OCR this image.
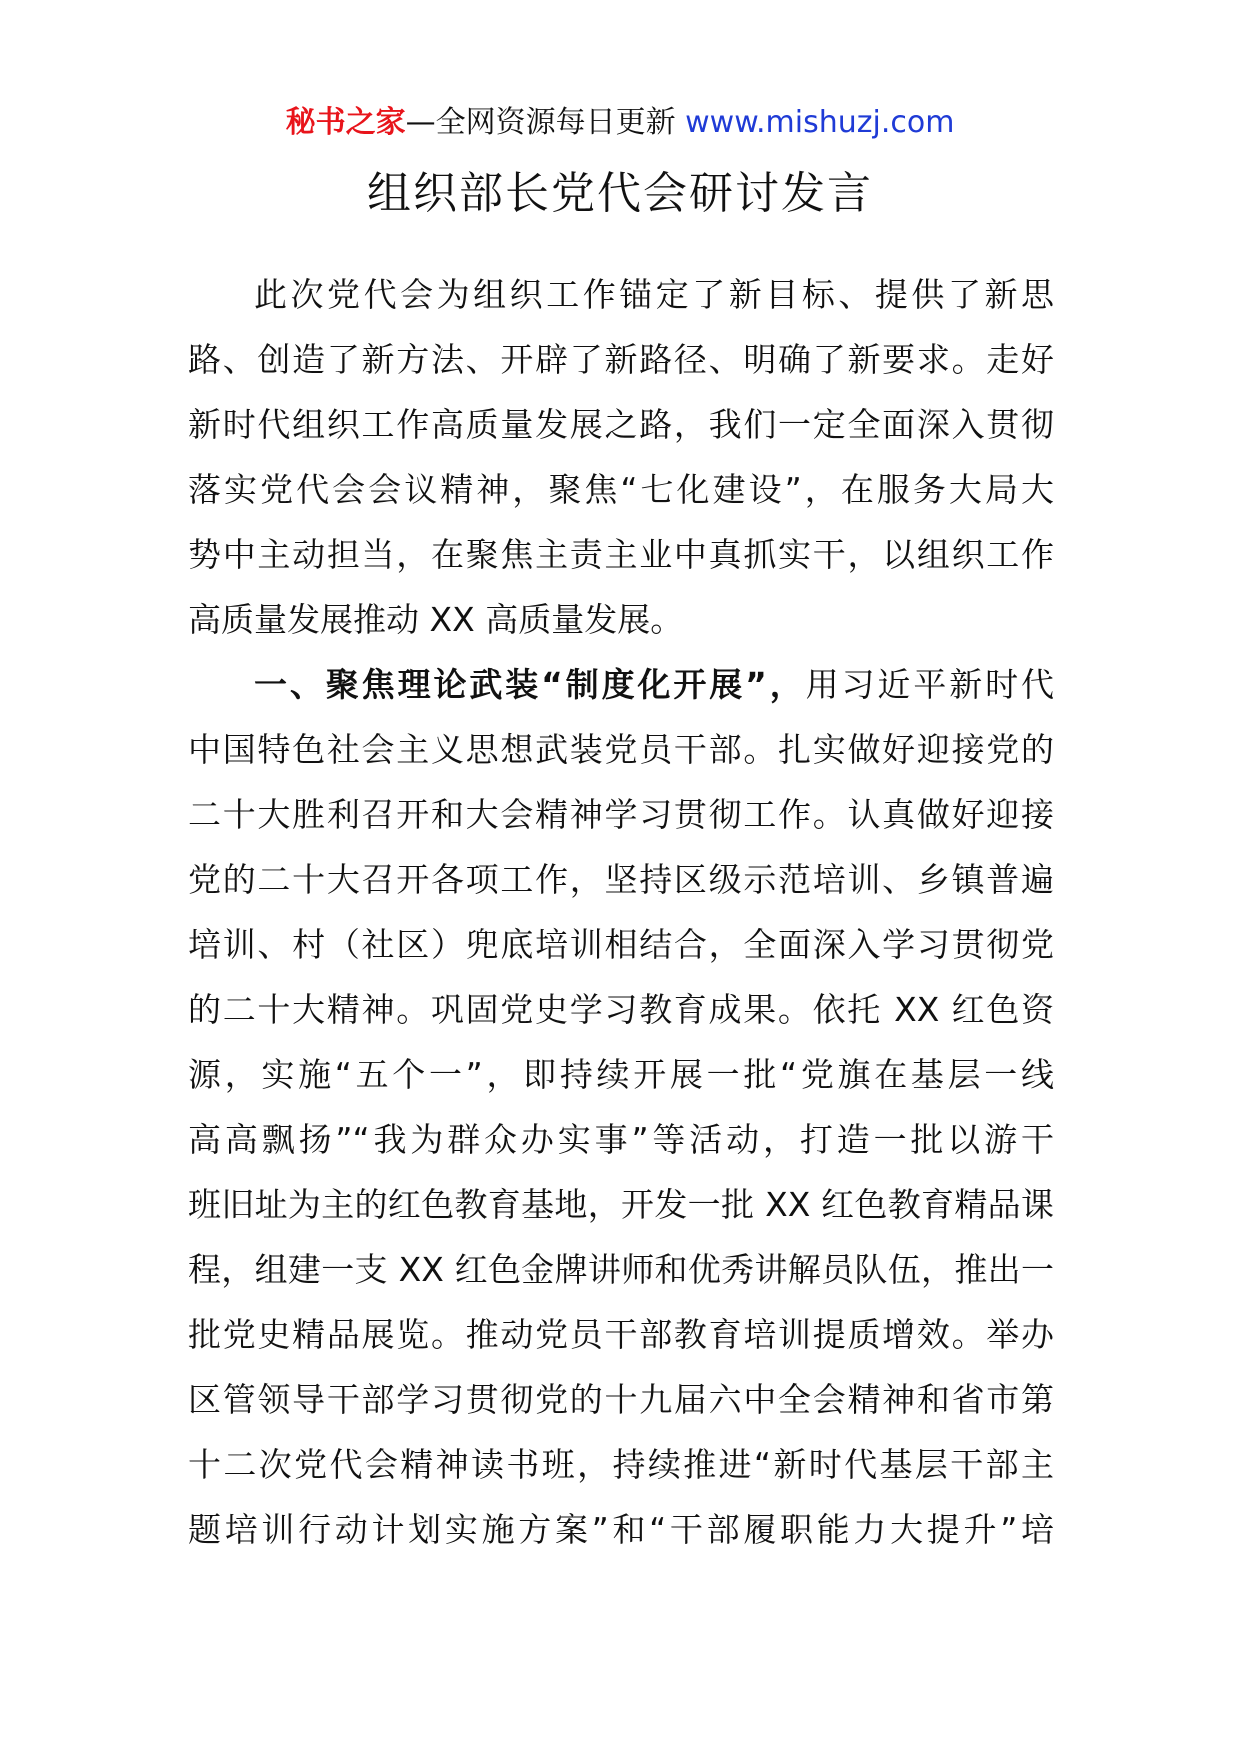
秘书之家—全网资源每日更新 www.mishuzj.com
组织部长党代会研讨发言
此次党代会为组织工作锚定了新目标、提供了新思
路、创造了新方法、开辟了新路径、明确了新要求。走好
新时代组织工作高质量发展之路，我们一定全面深入贯彻
落实党代会会议精神，聚焦“七化建设”，在服务大局大
势中主动担当，在聚焦主责主业中真抓实干，以组织工作
高质量发展推动 XX 高质量发展。
一、聚焦理论武装“制度化开展”，用习近平新时代
中国特色社会主义思想武装党员干部。扎实做好迎接党的
二十大胜利召开和大会精神学习贯彻工作。认真做好迎接
党的二十大召开各项工作，坚持区级示范培训、乡镇普遍
培训、村（社区）兜底培训相结合，全面深入学习贯彻党
的二十大精神。巩固党史学习教育成果。依托 XX 红色资
源，实施“五个一”，即持续开展一批“党旗在基层一线
高高飘扬”“我为群众办实事”等活动，打造一批以游干
班旧址为主的红色教育基地，开发一批 XX 红色教育精品课
程，组建一支 XX 红色金牌讲师和优秀讲解员队伍，推出一
批党史精品展览。推动党员干部教育培训提质增效。举办
区管领导干部学习贯彻党的十九届六中全会精神和省市第
十二次党代会精神读书班，持续推进“新时代基层干部主
题培训行动计划实施方案”和“干部履职能力大提升”培
